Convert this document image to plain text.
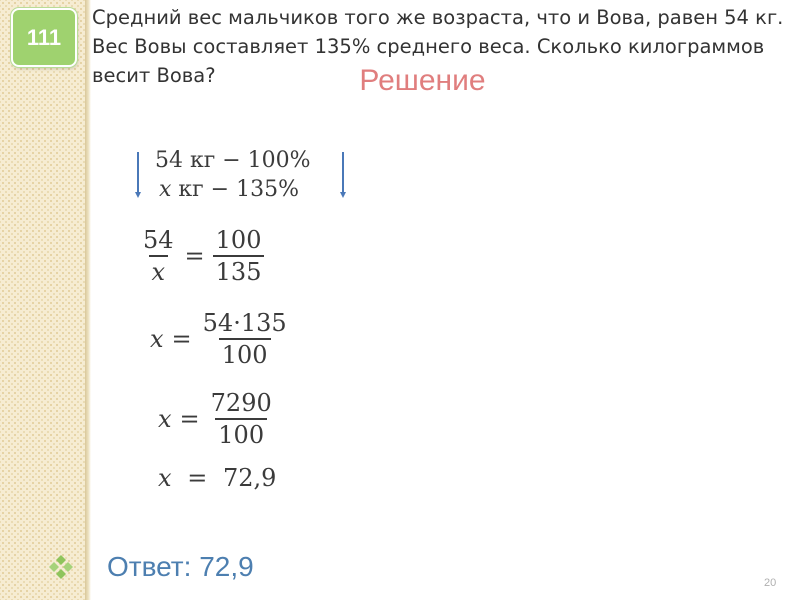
111
Средний вес мальчиков того же возраста, что и Вова, равен 54 кг. Вес Вовы составляет 135% среднего веса. Сколько килограммов весит Вова?	Решение
54 кг − 100%
x кг − 135%
$\frac{54}{x} = \frac{100}{135}$
$x = \frac{54\cdot 135}{100}$
$x = \frac{7290}{100}$
x = 72,9
Ответ: 72,9
20
